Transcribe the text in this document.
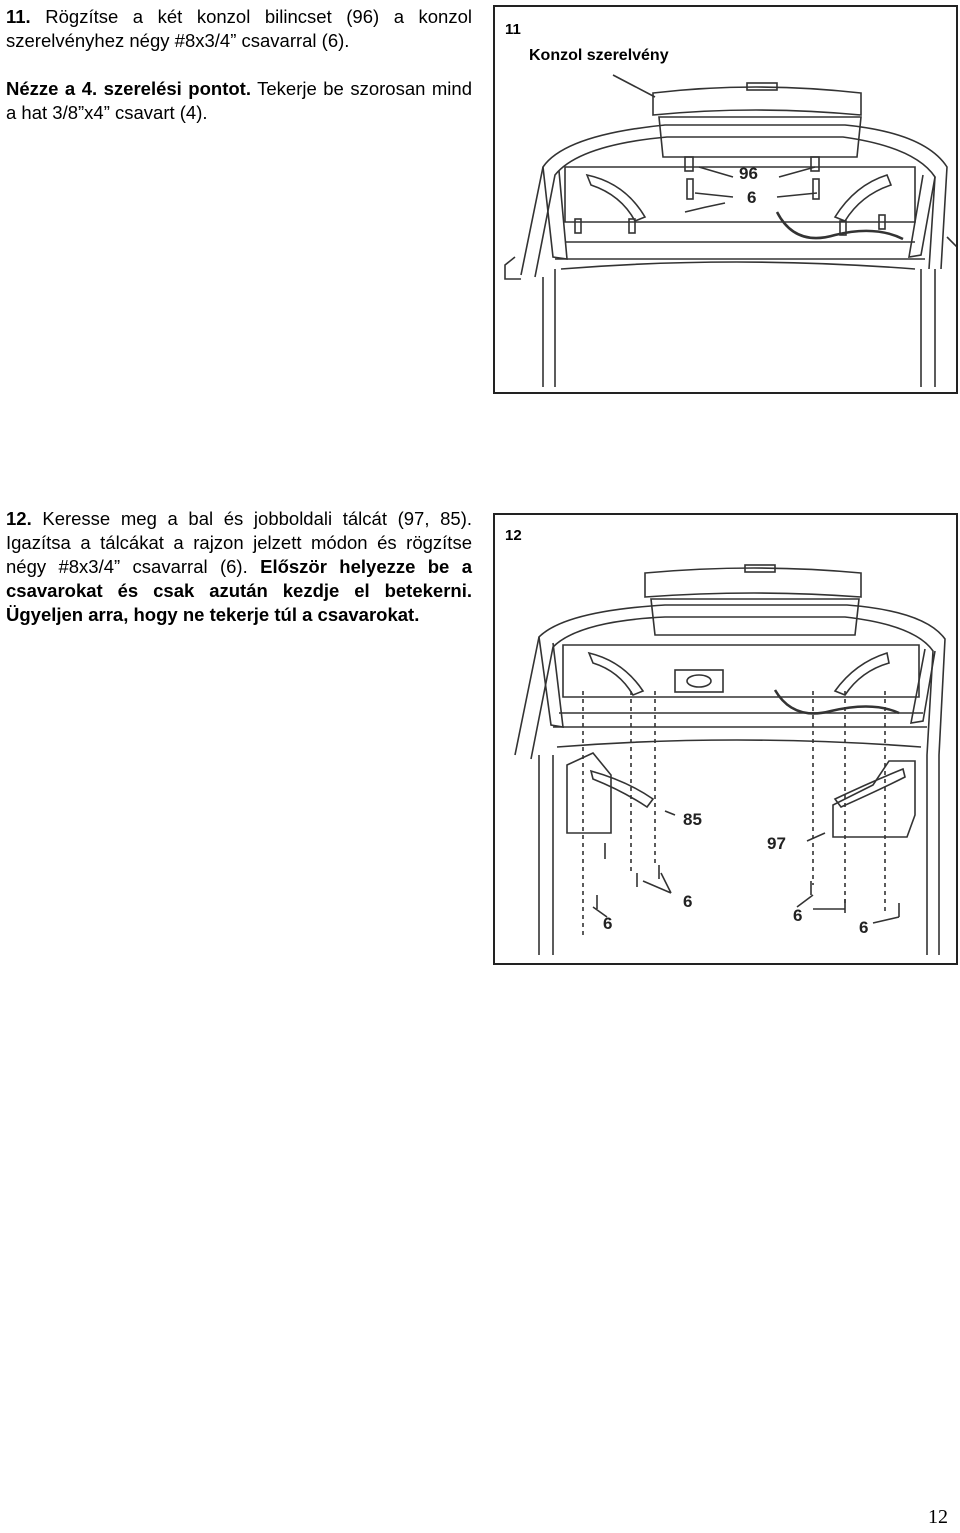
11. Rögzítse a két konzol bilincset (96) a konzol szerelvényhez négy #8x3/4” csavarral (6).

Nézze a 4. szerelési pontot. Tekerje be szorosan mind a hat 3/8”x4” csavart (4).

11
Konzol szerelvény
96
6

12. Keresse meg a bal és jobboldali tálcát (97, 85). Igazítsa a tálcákat a rajzon jelzett módon és rögzítse négy #8x3/4” csavarral (6). Először helyezze be a csavarokat és csak azután kezdje el betekerni. Ügyeljen arra, hogy ne tekerje túl a csavarokat.

12
85
97
6
6	6
6
12
